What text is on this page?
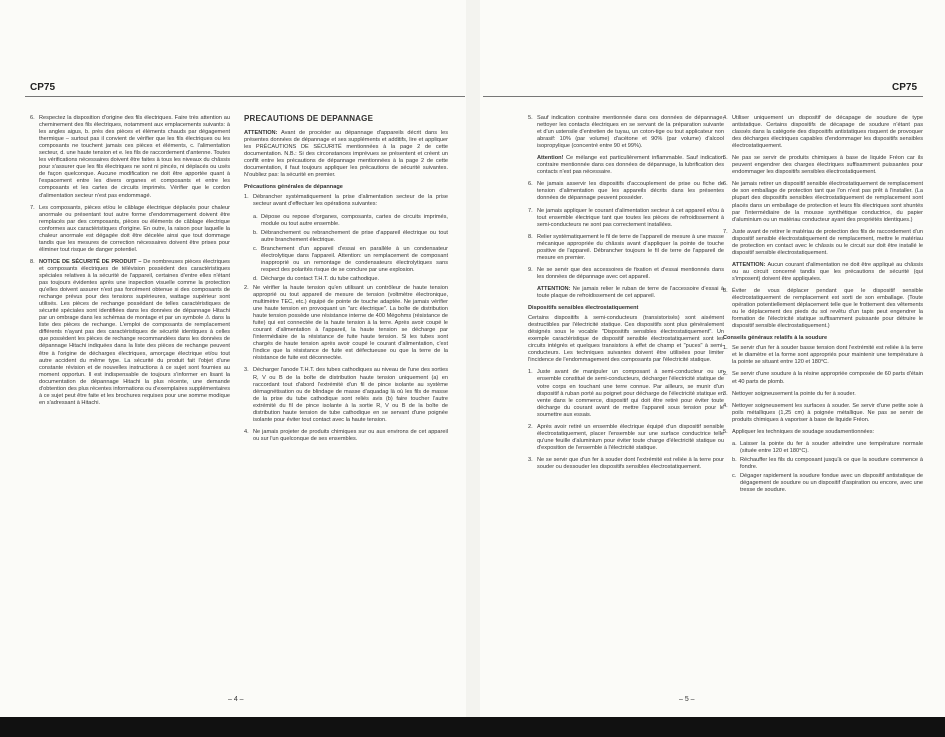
CP75
6. Respectez la disposition d'origine des fils électriques. Faire très attention au cheminement des fils électriques, notamment aux emplacements suivants: à les angles aigus, b. près des pièces et éléments chauds par dégagement thermique – surtout pas il convient de vérifier que les fils électriques ou les composants ne touchent jamais ces pièces et éléments, c. l'alimentation secteur, d. une haute tension et e. les fils de raccordement d'antenne. Toutes les vérifications nécessaires doivent être faites à tous les niveaux du châssis pour s'assurer que les fils électriques ne sont ni pincés, ni déplacés ou usés de façon quelconque. Aucune modification ne doit être apportée quant à l'espacement entre les divers organes et composants et entre les composants et les cartes de circuits imprimés. Vérifier que le cordon d'alimentation secteur n'est pas endommagé.
7. Les composants, pièces et/ou le câblage électrique déplacés pour chaleur anormale ou présentant tout autre forme d'endommagement doivent être remplacés par des composants, pièces ou éléments de câblage électrique conformes aux caractéristiques d'origine. En outre, la raison pour laquelle la chaleur anormale est dégagée doit être décelée ainsi que tout dommage tandis que les mesures de correction nécessaires doivent être prises pour éliminer tout risque de danger potentiel.
8. NOTICE DE SÉCURITÉ DE PRODUIT – De nombreuses pièces électriques et composants électriques de télévision possèdent des caractéristiques spéciales relatives à la sécurité de l'appareil, certaines d'entre elles n'étant pas toujours évidentes après une inspection visuelle comme la protection qu'elles doivent assurer n'est pas forcément obtenue si des composants de rechange prévus pour des tensions supérieures, wattage supérieur sont utilisés. Les pièces de rechange possédant de telles caractéristiques de sécurité spéciales sont identifiées dans les données de dépannage Hitachi par un ombrage dans les schémas de montage et par un symbole ⚠ dans la liste des pièces de rechange. L'emploi de composants de remplacement différents n'ayant pas des caractéristiques de sécurité identiques à celles que possèdent les pièces de rechange recommandées dans les données de dépannage Hitachi indiquées dans la liste des pièces de rechange peuvent être à l'origine de décharges électriques, amorçage électrique et/ou tout autre accident du même type. La sécurité du produit fait l'objet d'une constante révision et de nouvelles instructions à ce sujet sont fournies au moment opportun. Il est indispensable de toujours s'informer en lisant la documentation de dépannage Hitachi la plus récente, une demande d'obtention des plus récentes informations ou d'exemplaires supplémentaires à ce sujet peut être faite et les brochures requises pour une somme modique en s'adressant à Hitachi.
PRÉCAUTIONS DE DÉPANNAGE

ATTENTION: Avant de procéder au dépannage d'appareils décrit dans les présentes données de dépannage et ses suppléments et additifs, lire et appliquer les PRÉCAUTIONS DE SÉCURITÉ mentionnées à la page 2 de cette documentation. N.B.: Si des circonstances imprévues se présentent et créent un conflit entre les précautions de dépannage mentionnées à la page 2 de cette documentation, il faut toujours appliquer les précautions de sécurité suivantes. N'oubliez pas: la sécurité en premier.

Précautions générales de dépannage
1. Débrancher systématiquement la prise d'alimentation secteur de la prise secteur avant d'effectuer les opérations suivantes:
a. Dépose ou repose d'organes, composants, cartes de circuits imprimés, module ou tout autre ensemble.
b. Débranchement ou rebranchement de prise d'appareil électrique ou tout autre branchement électrique.
c. Branchement d'un appareil d'essai en parallèle à un condensateur électrolytique dans l'appareil. Attention: un remplacement de composant inapproprié ou un remontage de condensateurs électrolytiques sans respect des polarités risque de se conclure par une explosion.
d. Décharge du contact T.H.T. du tube cathodique.
2. Ne vérifier la haute tension qu'en utilisant un contrôleur de haute tension approprié ou tout appareil de mesure de tension (voltmètre électronique, multimètre TEC, etc.) équipé de pointe de touche adaptée. Ne jamais vérifier une haute tension en provoquant un "arc électrique". La boîte de distribution haute tension possède une résistance interne de 400 Mégohms (résistance de fuite) qui est connectée de la haute tension à la terre. Après avoir coupé le courant d'alimentation à l'appareil, la haute tension se décharge par l'intermédiaire de la résistance de fuite haute tension. Si les tubes sont chargés de haute tension après avoir coupé le courant d'alimentation, c'est l'indice que la résistance de fuite est défectueuse ou que la terre de la résistance de fuite est déconnectée.
3. Décharger l'anode T.H.T. des tubes cathodiques au niveau de l'une des sorties R, V ou B de la boîte de distribution haute tension uniquement (a) en raccordant tout d'abord l'extrémité d'un fil de pince isolante au système démagnétisation ou de blindage de masse d'aquadag là où les fils de masse de la prise du tube cathodique sont reliés avis (b) faire toucher l'autre extrémité du fil de pince isolante à la sortie R, V ou B de la boîte de distribution haute tension de tube cathodique en se servant d'une poignée isolante pour éviter tout contact avec la haute tension.
4. Ne jamais projeter de produits chimiques sur ou aux environs de cet appareil ou sur l'un quelconque de ses ensembles.
– 4 –
CP75
5. Sauf indication contraire mentionnée dans ces données de dépannage, nettoyer les contacts électriques en se servant de la préparation suivante et d'un ustensile d'entretien de tuyau, un coton-tige ou tout applicateur non abrasif: 10% (par volume) d'acétone et 90% (par volume) d'alcool isopropylique (concentré entre 90 et 99%).
Attention! Ce mélange est particulièrement inflammable. Sauf indication contraire mentionnée dans ces données de dépannage, la lubrification des contacts n'est pas nécessaire.
6. Ne jamais asservir les dispositifs d'accouplement de prise ou fiche de tension d'alimentation que les appareils décrits dans les présentes données de dépannage peuvent posséder.
7. Ne jamais appliquer le courant d'alimentation secteur à cet appareil et/ou à tout ensemble électrique tant que toutes les pièces de refroidissement à semi-conducteurs ne sont pas correctement installées.
8. Relier systématiquement le fil de terre de l'appareil de mesure à une masse mécanique appropriée du châssis avant d'appliquer la pointe de touche positive de l'appareil. Débrancher toujours le fil de terre de l'appareil de mesure en premier.
9. Ne se servir que des accessoires de fixation et d'essai mentionnés dans les données de dépannage avec cet appareil.
ATTENTION: Ne jamais relier le ruban de terre de l'accessoire d'essai à toute plaque de refroidissement de cet appareil.
Dispositifs sensibles électrostatiquement

Certains dispositifs à semi-conducteurs (transistorisés) sont aisément destructibles par l'électricité statique. Ces dispositifs sont plus généralement désignés sous le vocable "Dispositifs sensibles électrostatiquement". Un exemple caractéristique de dispositif sensible électrostatiquement sont les circuits intégrés et quelques transistors à effet de champ et "puces" à semi-conducteurs. Les techniques suivantes doivent être utilisées pour limiter l'incidence de l'endommagement des composants par l'électricité statique.

1. Juste avant de manipuler un composant à semi-conducteur ou un ensemble constitué de semi-conducteurs, décharger l'électricité statique de votre corps en touchant une terre connue. Par ailleurs, se munir d'un dispositif à ruban porté au poignet pour décharge de l'électricité statique en vente dans le commerce, dispositif qui doit être retiré pour éviter toute décharge du courant avant de mettre l'appareil sous tension pour le soumettre aux essais.
2. Après avoir retiré un ensemble électrique équipé d'un dispositif sensible électrostatiquement, placer l'ensemble sur une surface conductrice telle qu'une feuille d'aluminium pour éviter toute charge d'électricité statique ou d'exposition de l'ensemble à l'électricité statique.
3. Ne se servir que d'un fer à souder dont l'extrémité est reliée à la terre pour souder ou dessouder les dispositifs sensibles électrostatiquement.
4. Utiliser uniquement un dispositif de décapage de soudure de type antistatique. Certains dispositifs de décapage de soudure n'étant pas classés dans la catégorie des dispositifs antistatiques risquent de provoquer des décharges électriques capables d'endommager les dispositifs sensibles électrostatiquement.
5. Ne pas se servir de produits chimiques à base de liquide Fréon car ils peuvent engendrer des charges électriques suffisamment puissantes pour endommager les dispositifs sensibles électrostatiquement.
6. Ne jamais retirer un dispositif sensible électrostatiquement de remplacement de son emballage de protection tant que l'on n'est pas prêt à l'installer. (La plupart des dispositifs sensibles électrostatiquement de remplacement sont placés dans un emballage de protection et leurs fils électriques sont shuntés par l'intermédiaire de la mousse synthétique conductrice, du papier d'aluminium ou un matériau conducteur ayant des propriétés identiques.)
7. Juste avant de retirer le matériau de protection des fils de raccordement d'un dispositif sensible électrostatiquement de remplacement, mettre le matériau de protection en contact avec le châssis ou le circuit sur doit être installé le dispositif sensible électrostatiquement.
ATTENTION: Aucun courant d'alimentation ne doit être appliqué au châssis ou au circuit concerné tandis que les précautions de sécurité (qui s'imposent) doivent être appliquées.
8. Éviter de vous déplacer pendant que le dispositif sensible électrostatiquement de remplacement est sorti de son emballage. (Toute opération potentiellement déplacement telle que le frottement des vêtements ou le déplacement des pieds du sol revêtu d'un tapis peut engendrer la formation de l'électricité statique suffisamment puissante pour détruire le dispositif sensible électrostatiquement.)
Conseils généraux relatifs à la soudure
1. Se servir d'un fer à souder basse tension dont l'extrémité est reliée à la terre et le diamètre et la forme sont appropriés pour maintenir une température à la pointe se situant entre 120 et 180°C.
2. Se servir d'une soudure à la résine appropriée composée de 60 parts d'étain et 40 parts de plomb.
3. Nettoyer soigneusement la pointe du fer à souder.
4. Nettoyer soigneusement les surfaces à souder. Se servir d'une petite soie à poils métalliques (1,25 cm) à poignée métallique. Ne pas se servir de produits chimiques à vaporiser à base de liquide Fréon.
5. Appliquer les techniques de soudage soudamentionnées:
a. Laisser la pointe du fer à souder atteindre une température normale (située entre 120 et 180°C).
b. Réchauffer les fils du composant jusqu'à ce que la soudure commence à fondre.
c. Dégager rapidement la soudure fondue avec un dispositif antistatique de dégagement de soudure ou un dispositif d'aspiration ou encore, avec une tresse de soudure.
– 5 –
